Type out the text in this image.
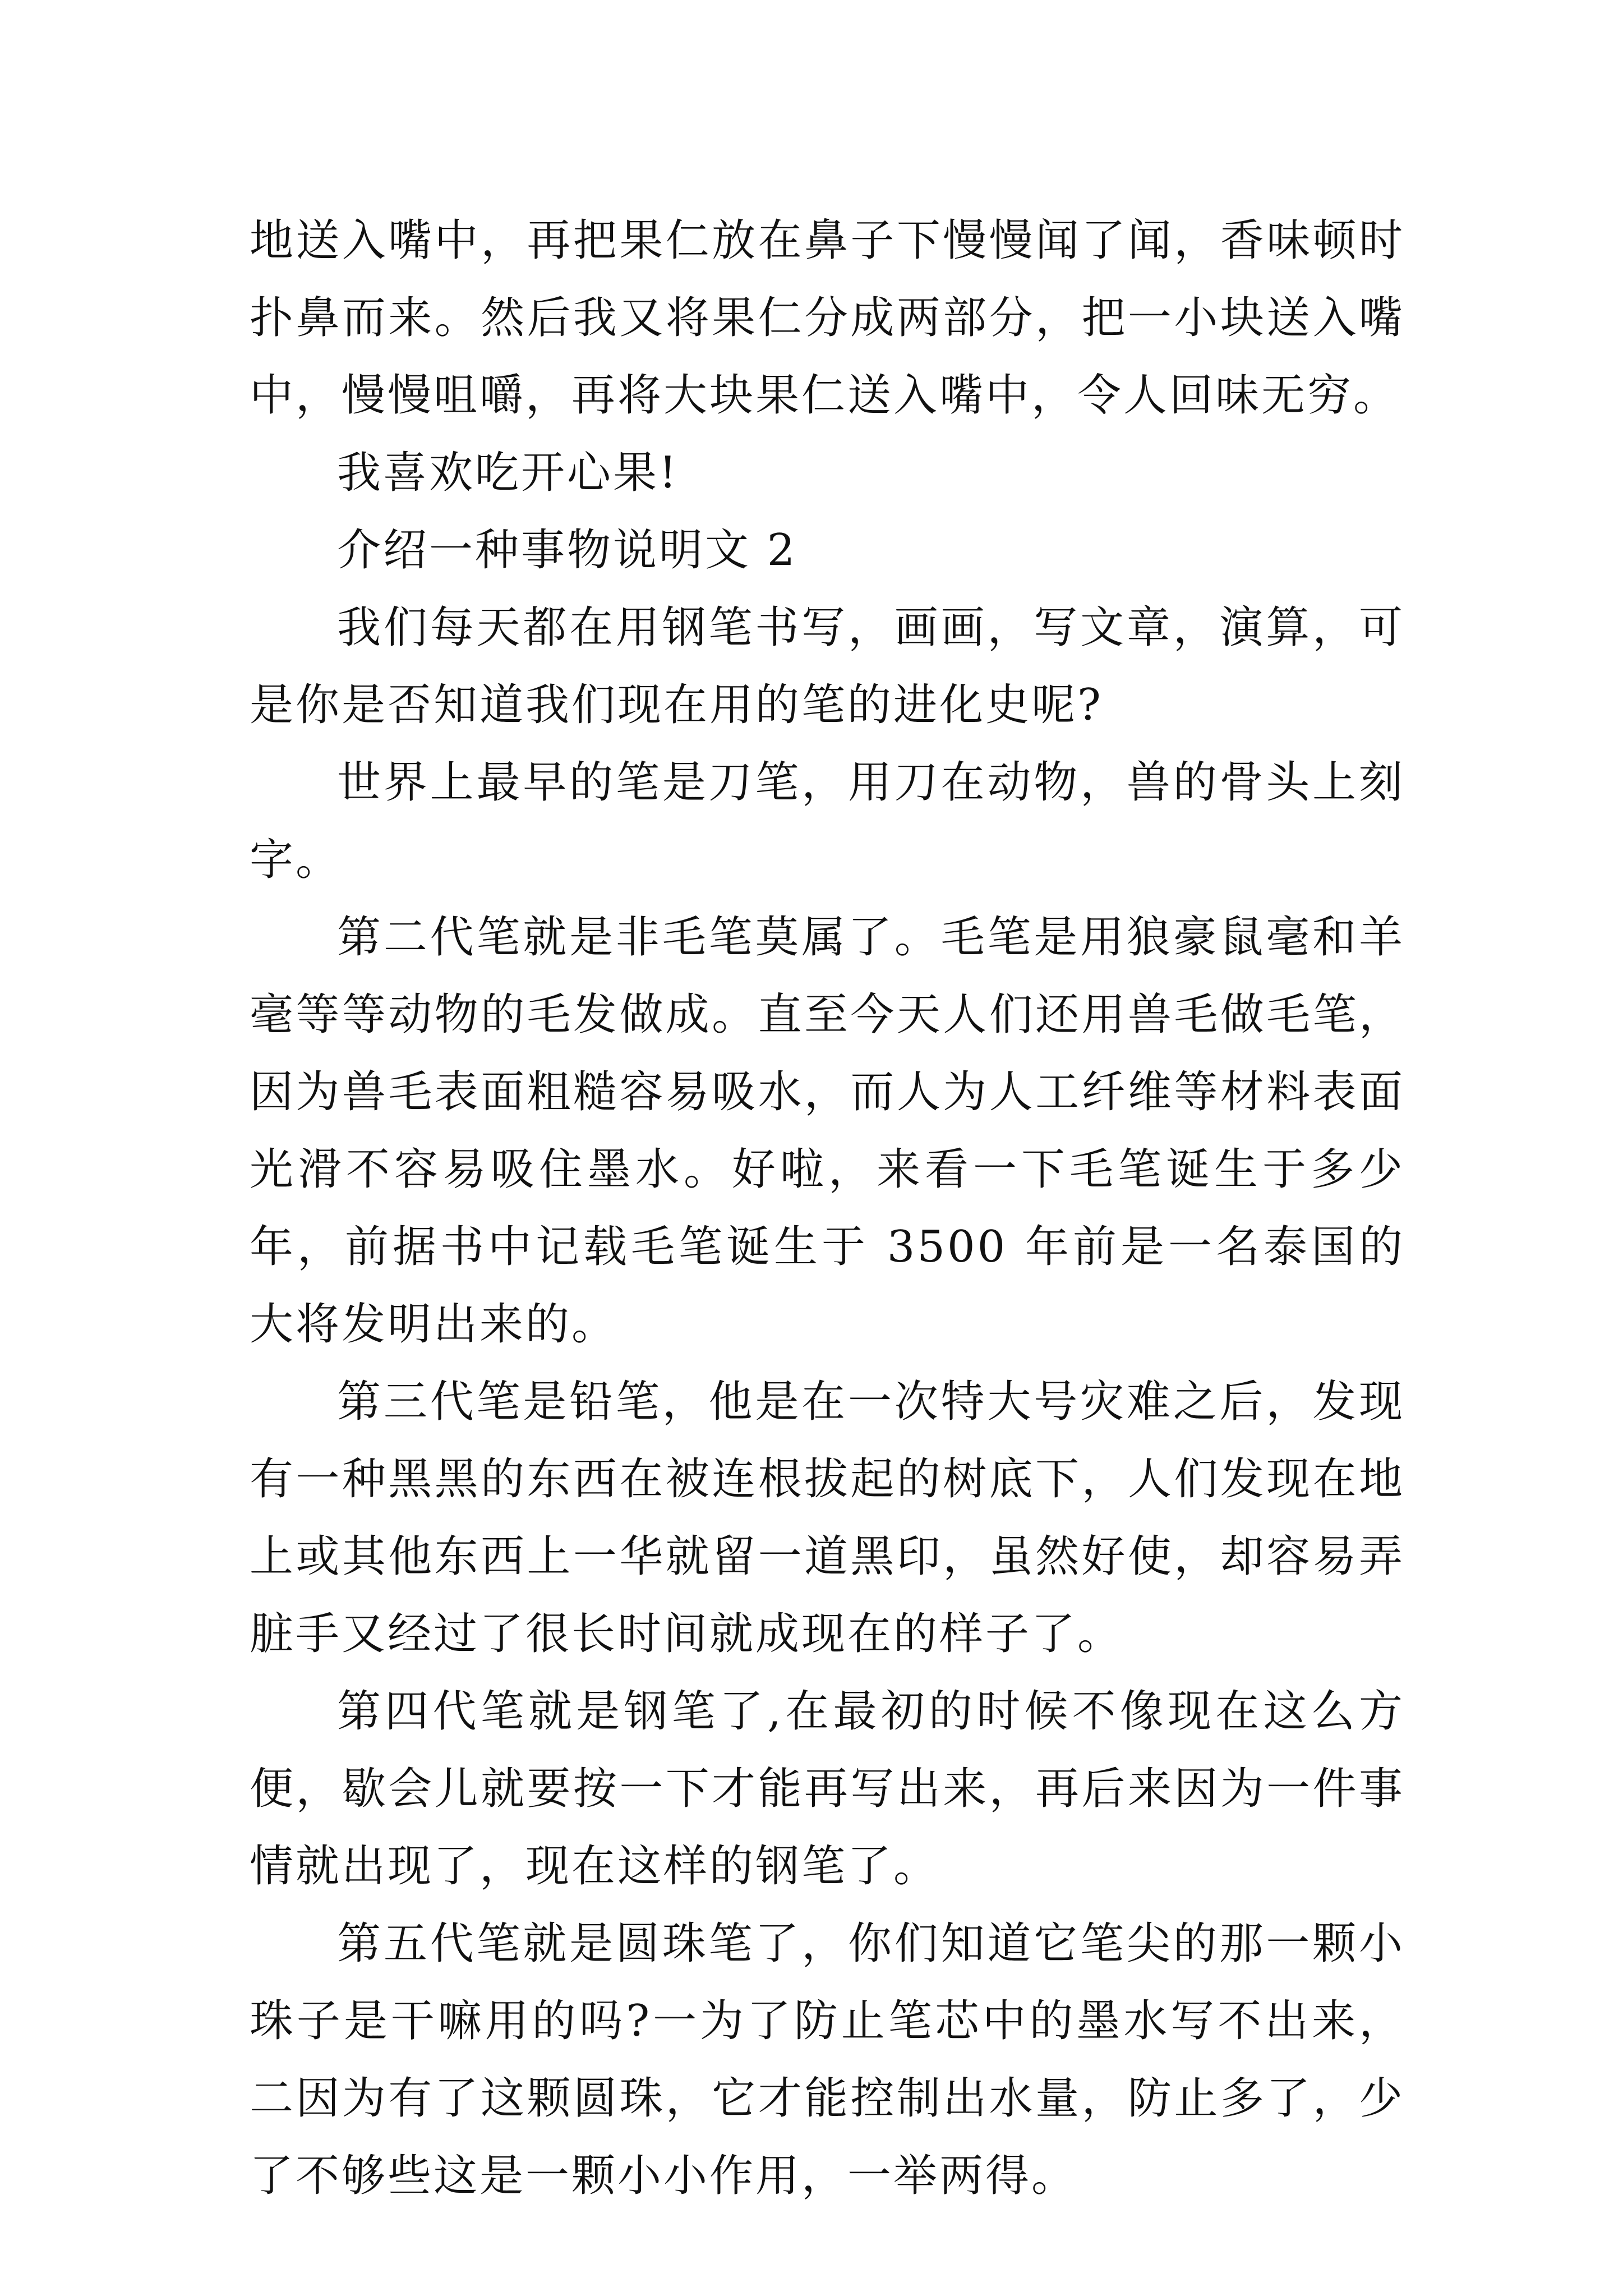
地送入嘴中，再把果仁放在鼻子下慢慢闻了闻，香味顿时扑鼻而来。然后我又将果仁分成两部分，把一小块送入嘴中，慢慢咀嚼，再将大块果仁送入嘴中，令人回味无穷。

我喜欢吃开心果!

介绍一种事物说明文 2

我们每天都在用钢笔书写，画画，写文章，演算，可是你是否知道我们现在用的笔的进化史呢?

世界上最早的笔是刀笔，用刀在动物，兽的骨头上刻字。

第二代笔就是非毛笔莫属了。毛笔是用狼豪鼠毫和羊毫等等动物的毛发做成。直至今天人们还用兽毛做毛笔，因为兽毛表面粗糙容易吸水，而人为人工纤维等材料表面光滑不容易吸住墨水。好啦，来看一下毛笔诞生于多少年，前据书中记载毛笔诞生于 3500 年前是一名泰国的大将发明出来的。

第三代笔是铅笔，他是在一次特大号灾难之后，发现有一种黑黑的东西在被连根拔起的树底下，人们发现在地上或其他东西上一华就留一道黑印，虽然好使，却容易弄脏手又经过了很长时间就成现在的样子了。

第四代笔就是钢笔了,在最初的时候不像现在这么方便，歇会儿就要按一下才能再写出来，再后来因为一件事情就出现了，现在这样的钢笔了。

第五代笔就是圆珠笔了，你们知道它笔尖的那一颗小珠子是干嘛用的吗?一为了防止笔芯中的墨水写不出来，二因为有了这颗圆珠，它才能控制出水量，防止多了，少了不够些这是一颗小小作用，一举两得。
